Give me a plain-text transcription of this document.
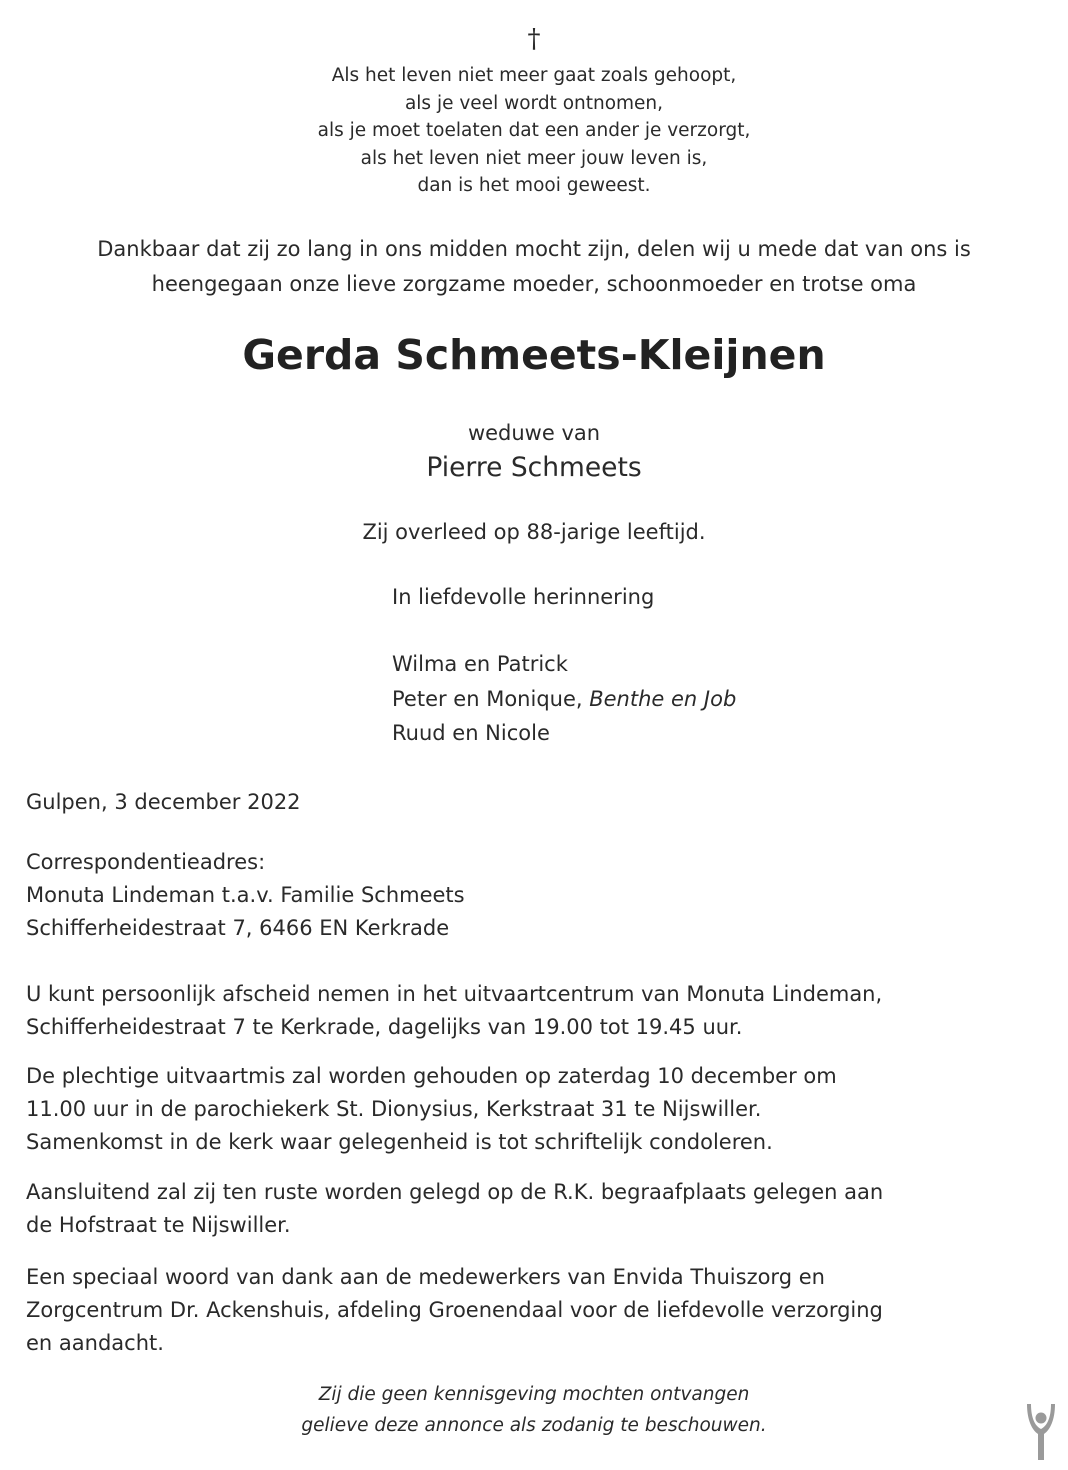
†
Als het leven niet meer gaat zoals gehoopt,
als je veel wordt ontnomen,
als je moet toelaten dat een ander je verzorgt,
als het leven niet meer jouw leven is,
dan is het mooi geweest.
Dankbaar dat zij zo lang in ons midden mocht zijn, delen wij u mede dat van ons is
heengegaan onze lieve zorgzame moeder, schoonmoeder en trotse oma
Gerda Schmeets-Kleijnen
weduwe van
Pierre Schmeets
Zij overleed op 88-jarige leeftijd.
In liefdevolle herinnering
Wilma en Patrick
Peter en Monique, Benthe en Job
Ruud en Nicole
Gulpen, 3 december 2022
Correspondentieadres:
Monuta Lindeman t.a.v. Familie Schmeets
Schifferheidestraat 7, 6466 EN Kerkrade
U kunt persoonlijk afscheid nemen in het uitvaartcentrum van Monuta Lindeman,
Schifferheidestraat 7 te Kerkrade, dagelijks van 19.00 tot 19.45 uur.
De plechtige uitvaartmis zal worden gehouden op zaterdag 10 december om
11.00 uur in de parochiekerk St. Dionysius, Kerkstraat 31 te Nijswiller.
Samenkomst in de kerk waar gelegenheid is tot schriftelijk condoleren.
Aansluitend zal zij ten ruste worden gelegd op de R.K. begraafplaats gelegen aan
de Hofstraat te Nijswiller.
Een speciaal woord van dank aan de medewerkers van Envida Thuiszorg en
Zorgcentrum Dr. Ackenshuis, afdeling Groenendaal voor de liefdevolle verzorging
en aandacht.
Zij die geen kennisgeving mochten ontvangen
gelieve deze annonce als zodanig te beschouwen.
